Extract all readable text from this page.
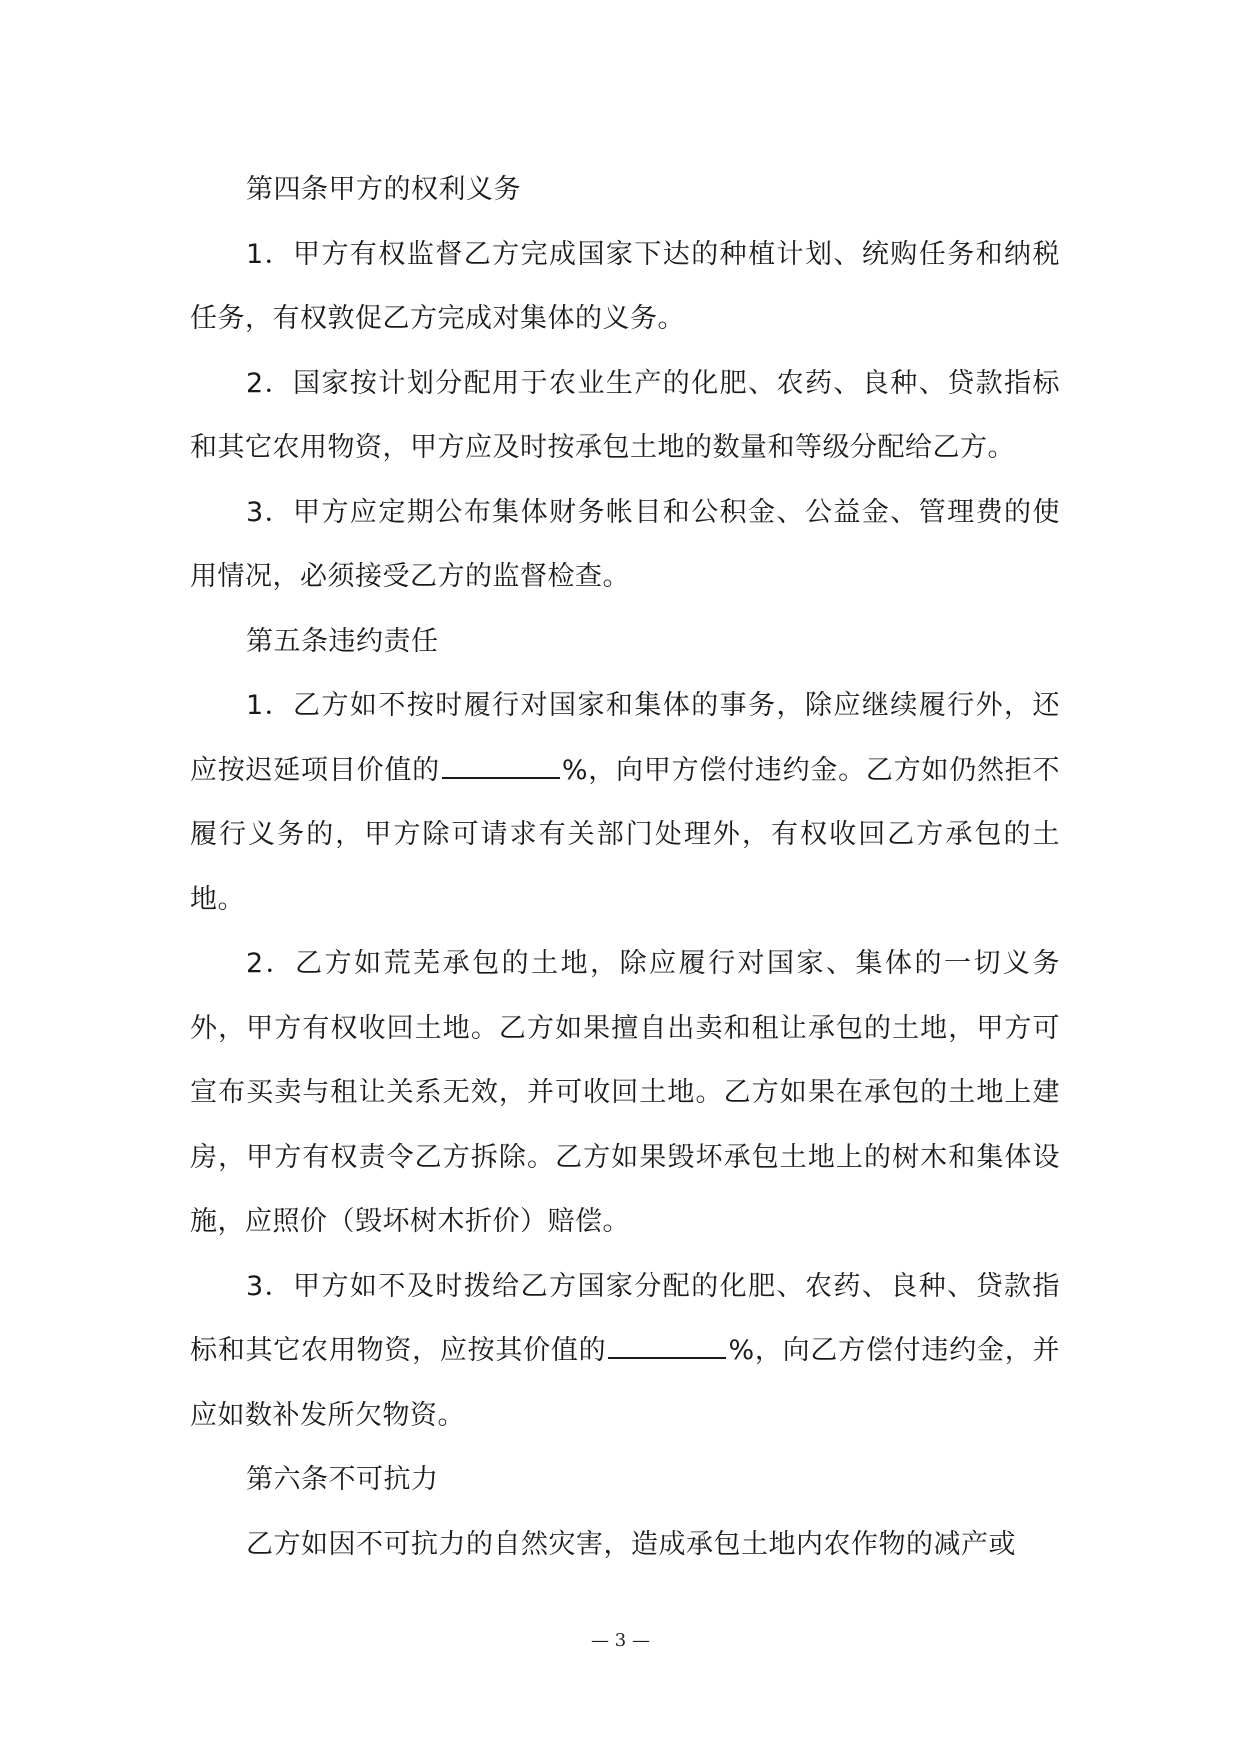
第四条甲方的权利义务

1．甲方有权监督乙方完成国家下达的种植计划、统购任务和纳税任务，有权敦促乙方完成对集体的义务。

2．国家按计划分配用于农业生产的化肥、农药、良种、贷款指标和其它农用物资，甲方应及时按承包土地的数量和等级分配给乙方。

3．甲方应定期公布集体财务帐目和公积金、公益金、管理费的使用情况，必须接受乙方的监督检查。

第五条违约责任

1．乙方如不按时履行对国家和集体的事务，除应继续履行外，还应按迟延项目价值的	%，向甲方偿付违约金。乙方如仍然拒不履行义务的，甲方除可请求有关部门处理外，有权收回乙方承包的土地。

2．乙方如荒芜承包的土地，除应履行对国家、集体的一切义务外，甲方有权收回土地。乙方如果擅自出卖和租让承包的土地，甲方可宣布买卖与租让关系无效，并可收回土地。乙方如果在承包的土地上建房，甲方有权责令乙方拆除。乙方如果毁坏承包土地上的树木和集体设施，应照价（毁坏树木折价）赔偿。

3．甲方如不及时拨给乙方国家分配的化肥、农药、良种、贷款指标和其它农用物资，应按其价值的	%，向乙方偿付违约金，并应如数补发所欠物资。

第六条不可抗力

乙方如因不可抗力的自然灾害，造成承包土地内农作物的减产或

— 3 —
